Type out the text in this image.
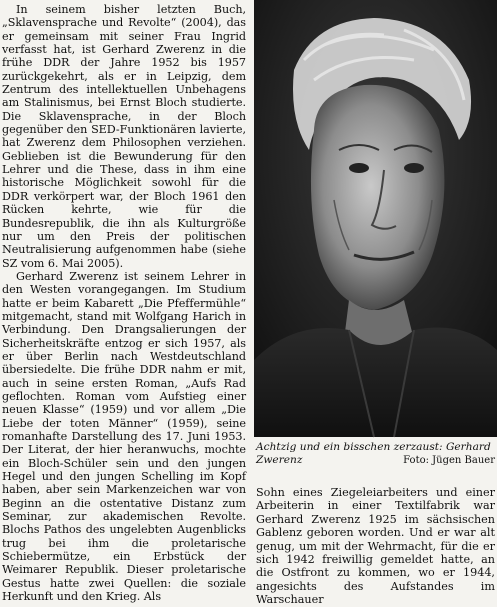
In seinem bisher letzten Buch, „Sklavensprache und Revolte“ (2004), das er gemeinsam mit seiner Frau Ingrid verfasst hat, ist Gerhard Zwerenz in die frühe DDR der Jahre 1952 bis 1957 zurückgekehrt, als er in Leipzig, dem Zentrum des intellektuellen Unbehagens am Stalinismus, bei Ernst Bloch studierte. Die Sklavensprache, in der Bloch gegenüber den SED-Funktionären lavierte, hat Zwerenz dem Philosophen verziehen. Geblieben ist die Bewunderung für den Lehrer und die These, dass in ihm eine historische Möglichkeit sowohl für die DDR verkörpert war, der Bloch 1961 den Rücken kehrte, wie für die Bundesrepublik, die ihn als Kulturgröße nur um den Preis der politischen Neutralisierung aufgenommen habe (siehe SZ vom 6. Mai 2005).

Gerhard Zwerenz ist seinem Lehrer in den Westen vorangegangen. Im Studium hatte er beim Kabarett „Die Pfeffermühle“ mitgemacht, stand mit Wolfgang Harich in Verbindung. Den Drangsalierungen der Sicherheitskräfte entzog er sich 1957, als er über Berlin nach Westdeutschland übersiedelte. Die frühe DDR nahm er mit, auch in seine ersten Roman, „Aufs Rad geflochten. Roman vom Aufstieg einer neuen Klasse“ (1959) und vor allem „Die Liebe der toten Männer“ (1959), seine romanhafte Darstellung des 17. Juni 1953. Der Literat, der hier heranwuchs, mochte ein Bloch-Schüler sein und den jungen Hegel und den jungen Schelling im Kopf haben, aber sein Markenzeichen war von Beginn an die ostentative Distanz zum Seminar, zur akademischen Revolte. Blochs Pathos des ungelebten Augenblicks trug bei ihm die proletarische Schiebermütze, ein Erbstück der Weimarer Republik. Dieser proletarische Gestus hatte zwei Quellen: die soziale Herkunft und den Krieg. Als

Achtzig und ein bisschen zerzaust: Gerhard Zwerenz	Foto: Jügen Bauer

Sohn eines Ziegeleiarbeiters und einer Arbeiterin in einer Textilfabrik war Gerhard Zwerenz 1925 im sächsischen Gablenz geboren worden. Und er war alt genug, um mit der Wehrmacht, für die er sich 1942 freiwillig gemeldet hatte, an die Ostfront zu kommen, wo er 1944, angesichts des Aufstandes im Warschauer
